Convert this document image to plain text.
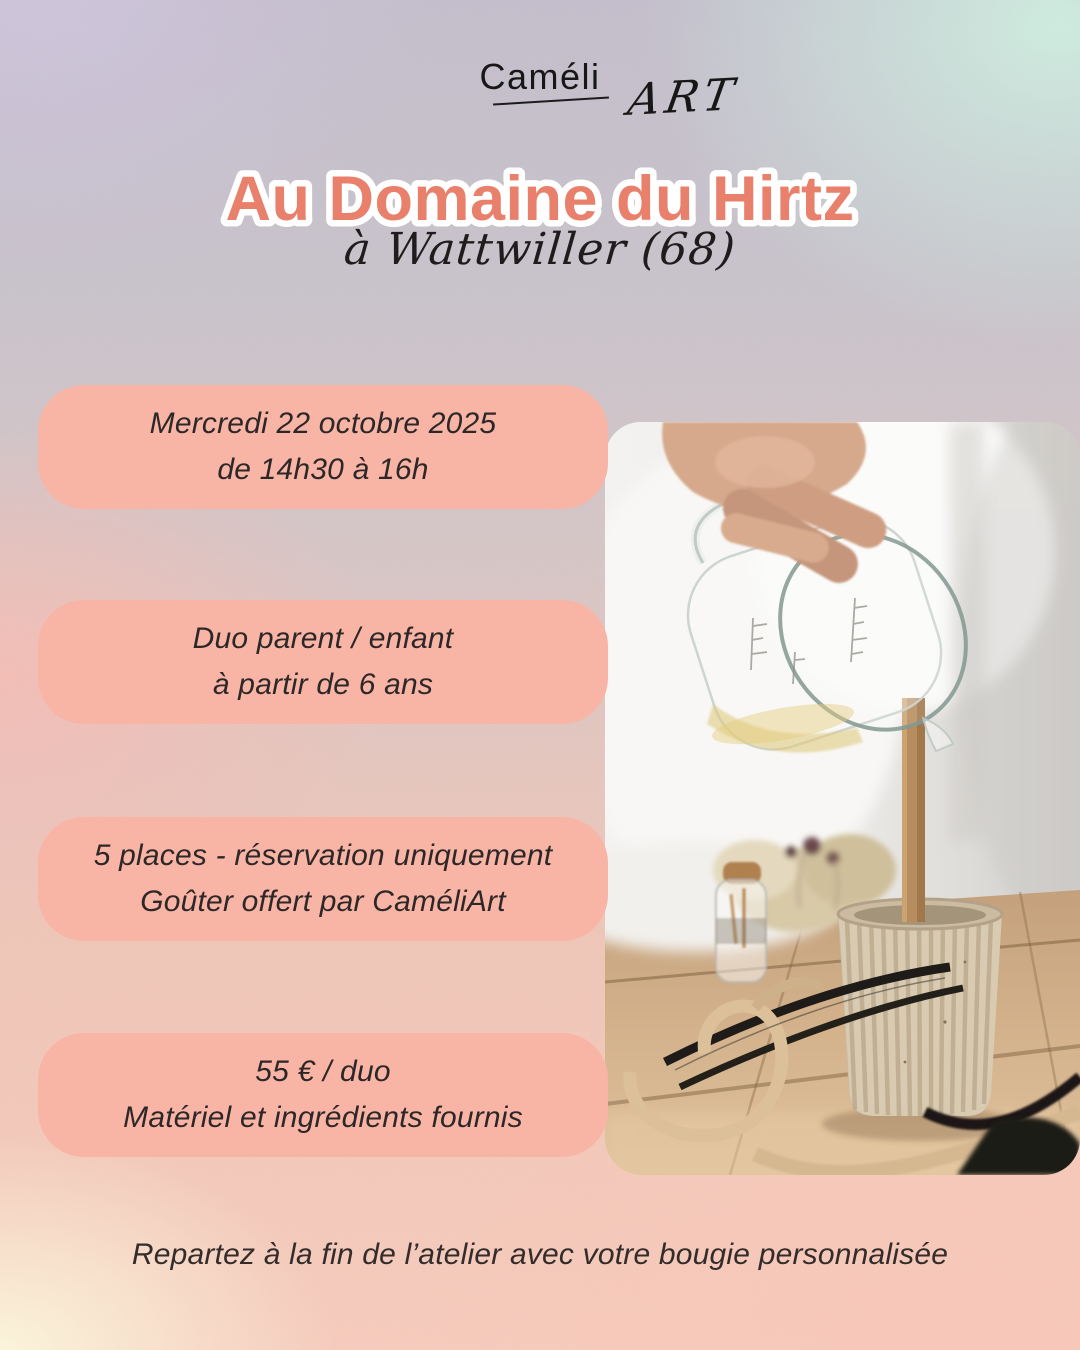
Caméli ART
Au Domaine du Hirtz
à Wattwiller (68)
Mercredi 22 octobre 2025
de 14h30 à 16h
Duo parent / enfant
à partir de 6 ans
5 places - réservation uniquement
Goûter offert par CaméliArt
55 € / duo
Matériel et ingrédients fournis
Repartez à la fin de l’atelier avec votre bougie personnalisée
